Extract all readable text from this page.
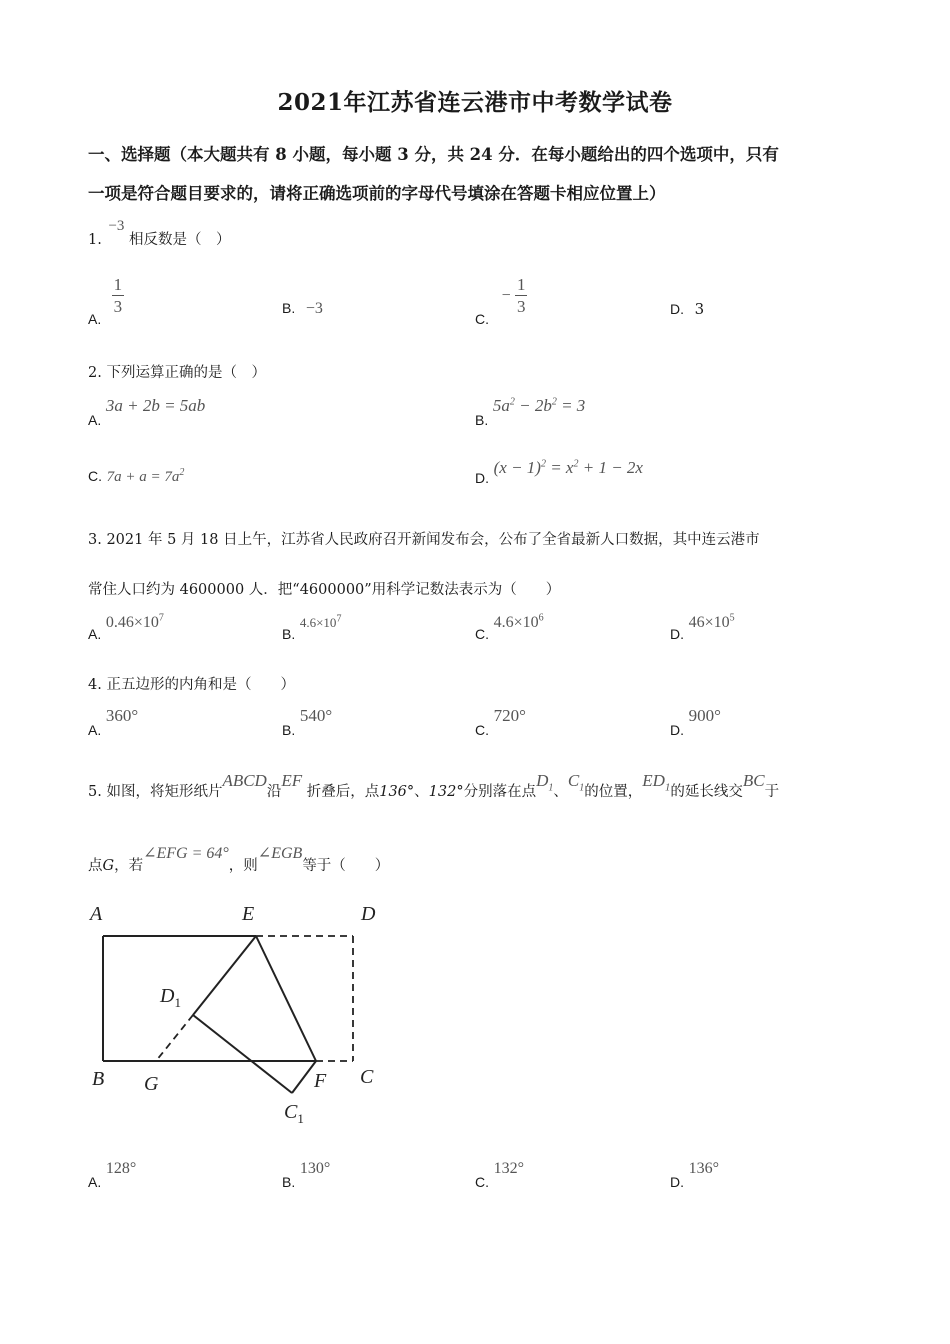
2021年江苏省连云港市中考数学试卷
一、选择题（本大题共有 8 小题，每小题 3 分，共 24 分．在每小题给出的四个选项中，只有
一项是符合题目要求的，请将正确选项前的字母代号填涂在答题卡相应位置上）
1. −3 相反数是（　）
A. $\frac{1}{3}$	B. −3
C. − $\frac{1}{3}$	D. 3
2. 下列运算正确的是（　）
A. 3a + 2b = 5ab
B. $5a^2 - 2b^2 = 3$
C. $7a + a = 7a^2$	D. $(x - 1)^2 = x^2 + 1 - 2x$
3. 2021 年 5 月 18 日上午，江苏省人民政府召开新闻发布会，公布了全省最新人口数据，其中连云港市
常住人口约为 4600000 人．把“4600000”用科学记数法表示为（　　）
A. $0.46\times 10^7$
B. $4.6\times 10^7$
C. $4.6\times 10^6$
D. $46\times 10^5$
4. 正五边形的内角和是（　　）
A. 360°
B. 540°
C. 720°
D. 900°
5. 如图，将矩形纸片ABCD沿EF 折叠后，点136°、132°分别落在点$D_1$、$C_1$的位置，$ED_1$的延长线交BC于
点G，若∠EFG = 64°，则∠EGB等于（　　）
A	E	D
$D_1$
B G	F C
$C_1$
A. 128°
B. 130°
C. 132°
D. 136°
